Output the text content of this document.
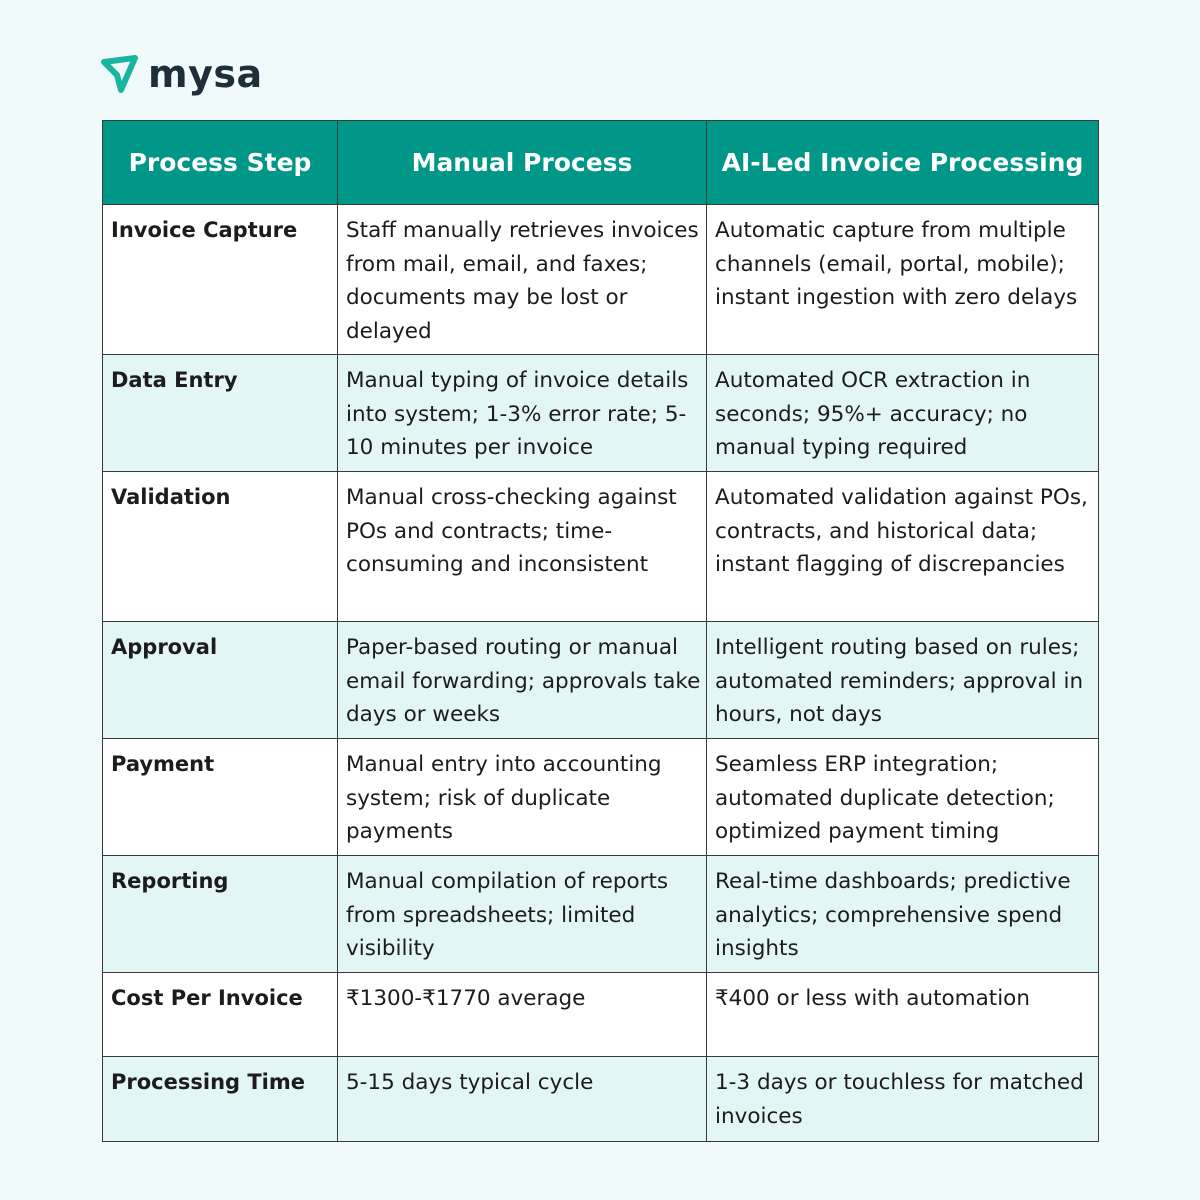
mysa
Process Step	Manual Process	AI-Led Invoice Processing
Invoice Capture	Staff manually retrieves invoices from mail, email, and faxes; documents may be lost or delayed	Automatic capture from multiple channels (email, portal, mobile); instant ingestion with zero delays
Data Entry	Manual typing of invoice details into system; 1-3% error rate; 5-10 minutes per invoice	Automated OCR extraction in seconds; 95%+ accuracy; no manual typing required
Validation	Manual cross-checking against POs and contracts; time-consuming and inconsistent	Automated validation against POs, contracts, and historical data; instant flagging of discrepancies
Approval	Paper-based routing or manual email forwarding; approvals take days or weeks	Intelligent routing based on rules; automated reminders; approval in hours, not days
Payment	Manual entry into accounting system; risk of duplicate payments	Seamless ERP integration; automated duplicate detection; optimized payment timing
Reporting	Manual compilation of reports from spreadsheets; limited visibility	Real-time dashboards; predictive analytics; comprehensive spend insights
Cost Per Invoice	₹1300-₹1770 average	₹400 or less with automation
Processing Time	5-15 days typical cycle	1-3 days or touchless for matched invoices
